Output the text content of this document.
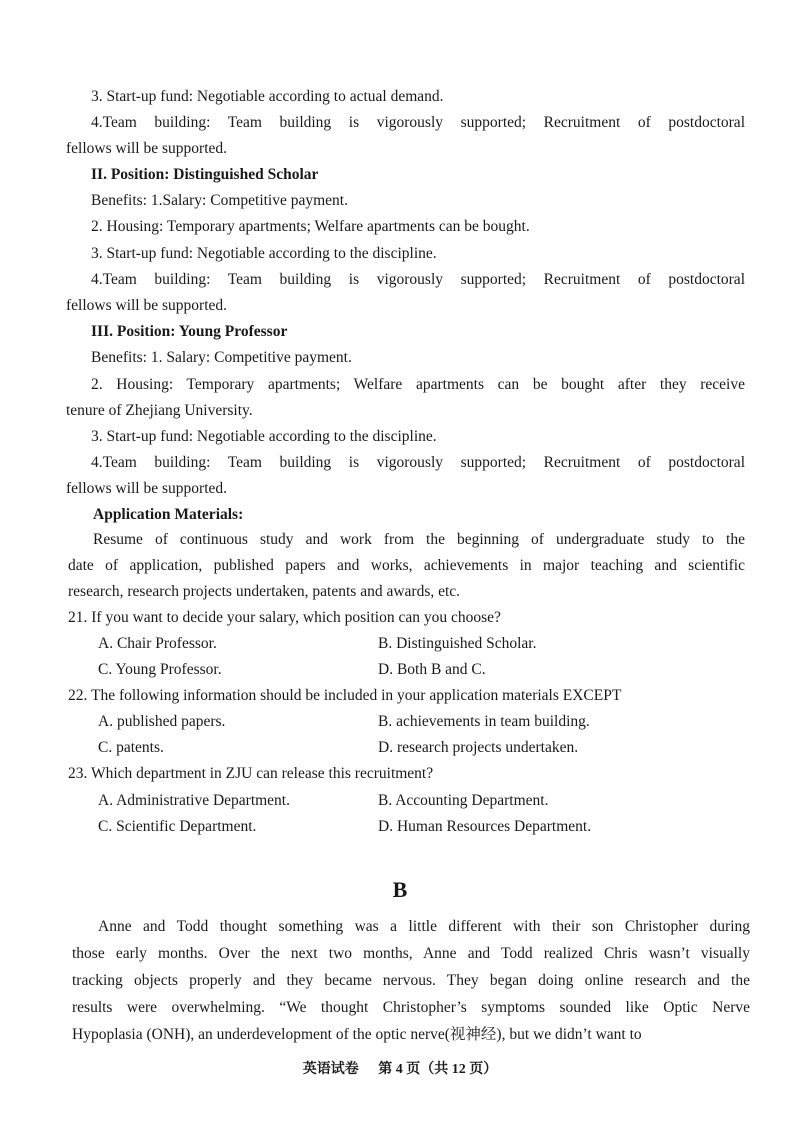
3. Start-up fund: Negotiable according to actual demand.
4.Team building: Team building is vigorously supported; Recruitment of postdoctoral
fellows will be supported.
II. Position: Distinguished Scholar
Benefits: 1.Salary: Competitive payment.
2. Housing: Temporary apartments; Welfare apartments can be bought.
3. Start-up fund: Negotiable according to the discipline.
4.Team building: Team building is vigorously supported; Recruitment of postdoctoral
fellows will be supported.
III. Position: Young Professor
Benefits: 1. Salary: Competitive payment.
2. Housing: Temporary apartments; Welfare apartments can be bought after they receive
tenure of Zhejiang University.
3. Start-up fund: Negotiable according to the discipline.
4.Team building: Team building is vigorously supported; Recruitment of postdoctoral
fellows will be supported.
Application Materials:
Resume of continuous study and work from the beginning of undergraduate study to the
date of application, published papers and works, achievements in major teaching and scientific
research, research projects undertaken, patents and awards, etc.
21. If you want to decide your salary, which position can you choose?
A. Chair Professor.	B. Distinguished Scholar.
C. Young Professor.	D. Both B and C.
22. The following information should be included in your application materials EXCEPT
A. published papers.	B. achievements in team building.
C. patents.	D. research projects undertaken.
23. Which department in ZJU can release this recruitment?
A. Administrative Department.	B. Accounting Department.
C. Scientific Department.	D. Human Resources Department.
B
Anne and Todd thought something was a little different with their son Christopher during
those early months. Over the next two months, Anne and Todd realized Chris wasn’t visually
tracking objects properly and they became nervous. They began doing online research and the
results were overwhelming. “We thought Christopher’s symptoms sounded like Optic Nerve
Hypoplasia (ONH), an underdevelopment of the optic nerve(视神经), but we didn’t want to
英语试卷 第 4 页（共 12 页）
